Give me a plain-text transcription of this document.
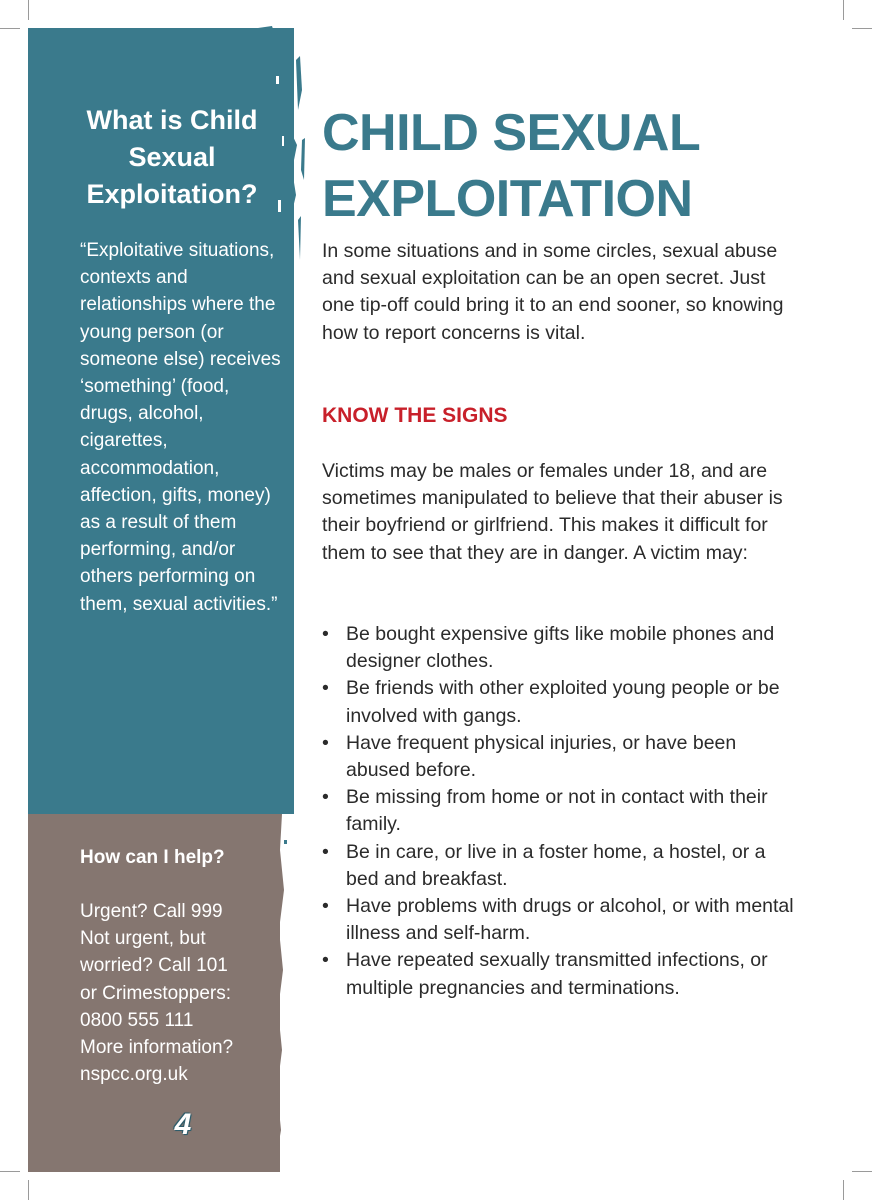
What is Child Sexual Exploitation?

“Exploitative situations, contexts and relationships where the young person (or someone else) receives ‘something’ (food, drugs, alcohol, cigarettes, accommodation, affection, gifts, money) as a result of them performing, and/or others performing on them, sexual activities.”

How can I help?
Urgent? Call 999
Not urgent, but
worried? Call 101
or Crimestoppers:
0800 555 111
More information?
nspcc.org.uk
4
CHILD SEXUAL EXPLOITATION

In some situations and in some circles, sexual abuse and sexual exploitation can be an open secret. Just one tip-off could bring it to an end sooner, so knowing how to report concerns is vital.

KNOW THE SIGNS

Victims may be males or females under 18, and are sometimes manipulated to believe that their abuser is their boyfriend or girlfriend. This makes it difficult for them to see that they are in danger. A victim may:

• Be bought expensive gifts like mobile phones and designer clothes.
• Be friends with other exploited young people or be involved with gangs.
• Have frequent physical injuries, or have been abused before.
• Be missing from home or not in contact with their family.
• Be in care, or live in a foster home, a hostel, or a bed and breakfast.
• Have problems with drugs or alcohol, or with mental illness and self-harm.
• Have repeated sexually transmitted infections, or multiple pregnancies and terminations.
